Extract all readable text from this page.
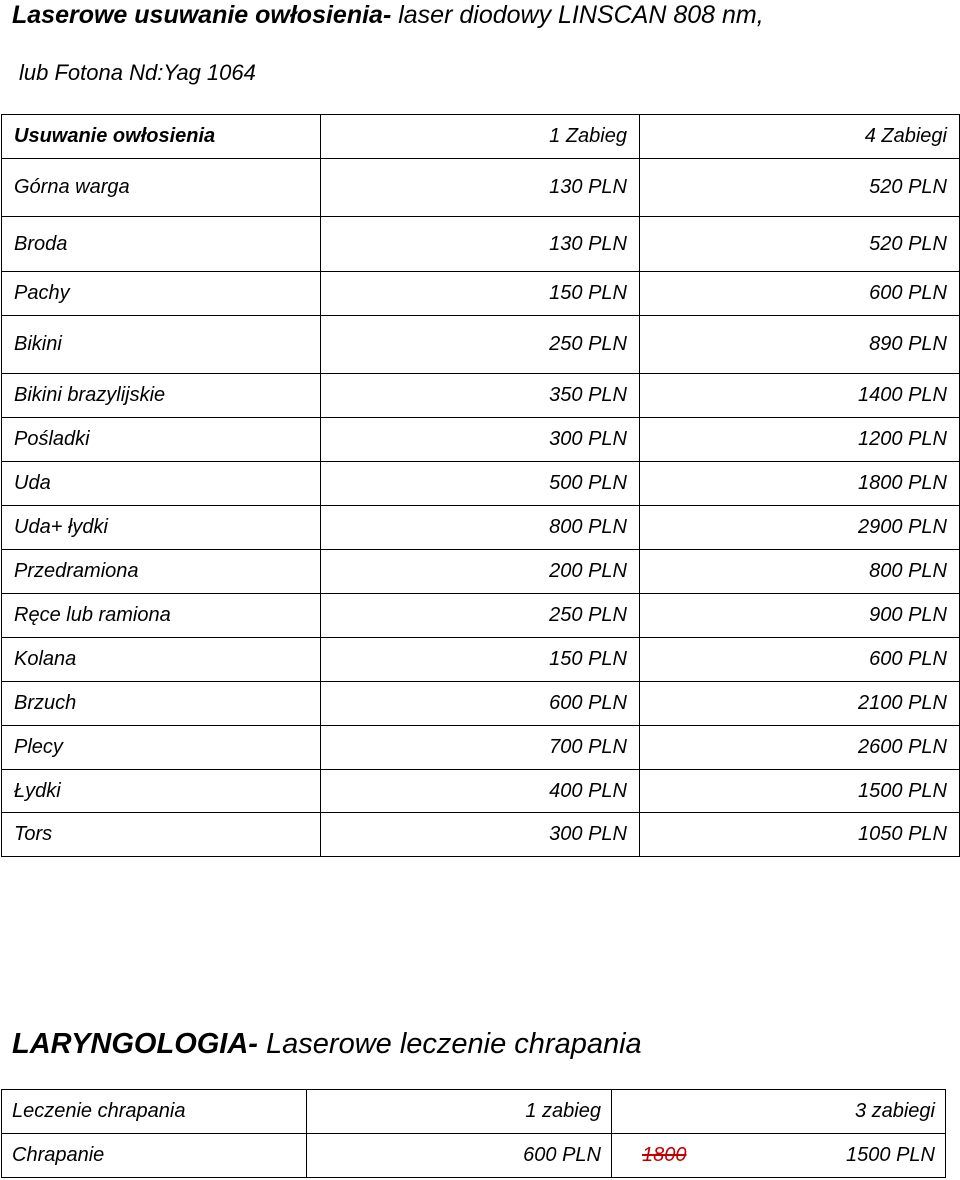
Laserowe usuwanie owłosienia- laser diodowy LINSCAN 808 nm,
lub Fotona Nd:Yag 1064
Usuwanie owłosienia	1 Zabieg	4 Zabiegi
Górna warga	130 PLN	520 PLN
Broda	130 PLN	520 PLN
Pachy	150 PLN	600 PLN
Bikini	250 PLN	890 PLN
Bikini brazylijskie	350 PLN	1400 PLN
Pośladki	300 PLN	1200 PLN
Uda	500 PLN	1800 PLN
Uda+ łydki	800 PLN	2900 PLN
Przedramiona	200 PLN	800 PLN
Ręce lub ramiona	250 PLN	900 PLN
Kolana	150 PLN	600 PLN
Brzuch	600 PLN	2100 PLN
Plecy	700 PLN	2600 PLN
Łydki	400 PLN	1500 PLN
Tors	300 PLN	1050 PLN
LARYNGOLOGIA- Laserowe leczenie chrapania
Leczenie chrapania	1 zabieg	3 zabiegi
Chrapanie	600 PLN	1800 1500 PLN
